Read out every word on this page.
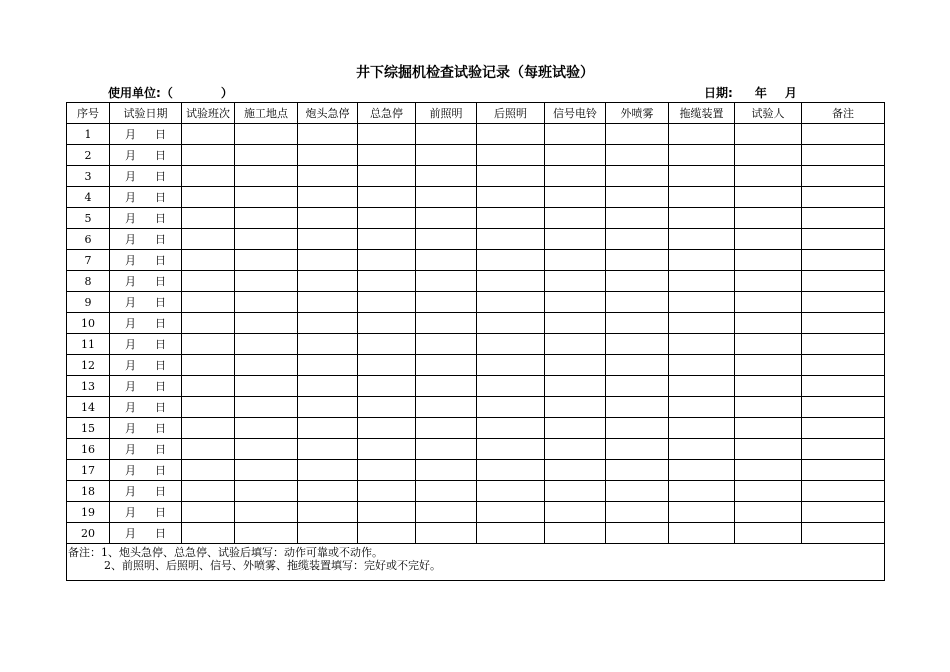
井下综掘机检查试验记录（每班试验）
使用单位:（	）	日期: 年 月
序号	试验日期	试验班次	施工地点	炮头急停	总急停	前照明	后照明	信号电铃	外喷雾	拖缆装置	试验人	备注
1	月 日											
2	月 日											
3	月 日											
4	月 日											
5	月 日											
6	月 日											
7	月 日											
8	月 日											
9	月 日											
10	月 日											
11	月 日											
12	月 日											
13	月 日											
14	月 日											
15	月 日											
16	月 日											
17	月 日											
18	月 日											
19	月 日											
20	月 日											
备注：1、炮头急停、总急停、试验后填写：动作可靠或不动作。
2、前照明、后照明、信号、外喷雾、拖缆装置填写：完好或不完好。												
